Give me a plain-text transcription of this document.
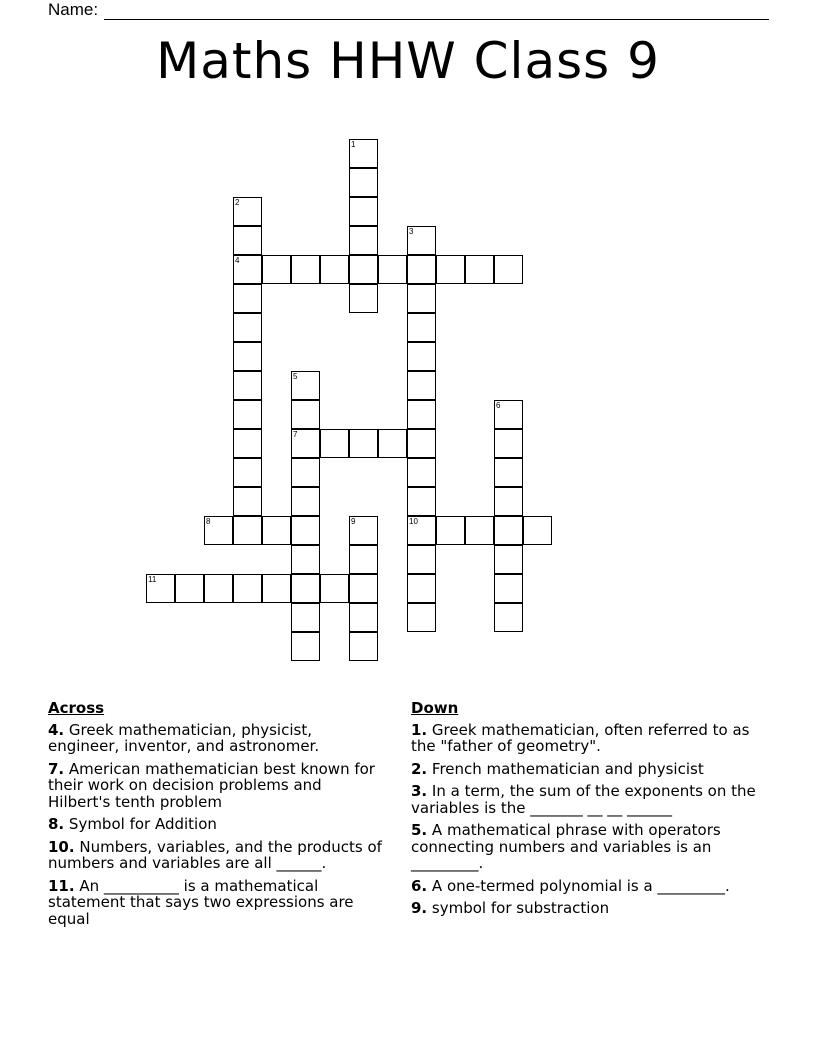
Name:
Maths HHW Class 9
1
2
4
3
10
5
7
6
8	9
11
Across
4. Greek mathematician, physicist, engineer, inventor, and astronomer.
7. American mathematician best known for their work on decision problems and Hilbert's tenth problem
8. Symbol for Addition
10. Numbers, variables, and the products of numbers and variables are all ______.
11. An __________ is a mathematical statement that says two expressions are equal
Down
1. Greek mathematician, often referred to as the "father of geometry".
2. French mathematician and physicist
3. In a term, the sum of the exponents on the variables is the _______ __ __ ______
5. A mathematical phrase with operators connecting numbers and variables is an _________.
6. A one-termed polynomial is a _________.
9. symbol for substraction
